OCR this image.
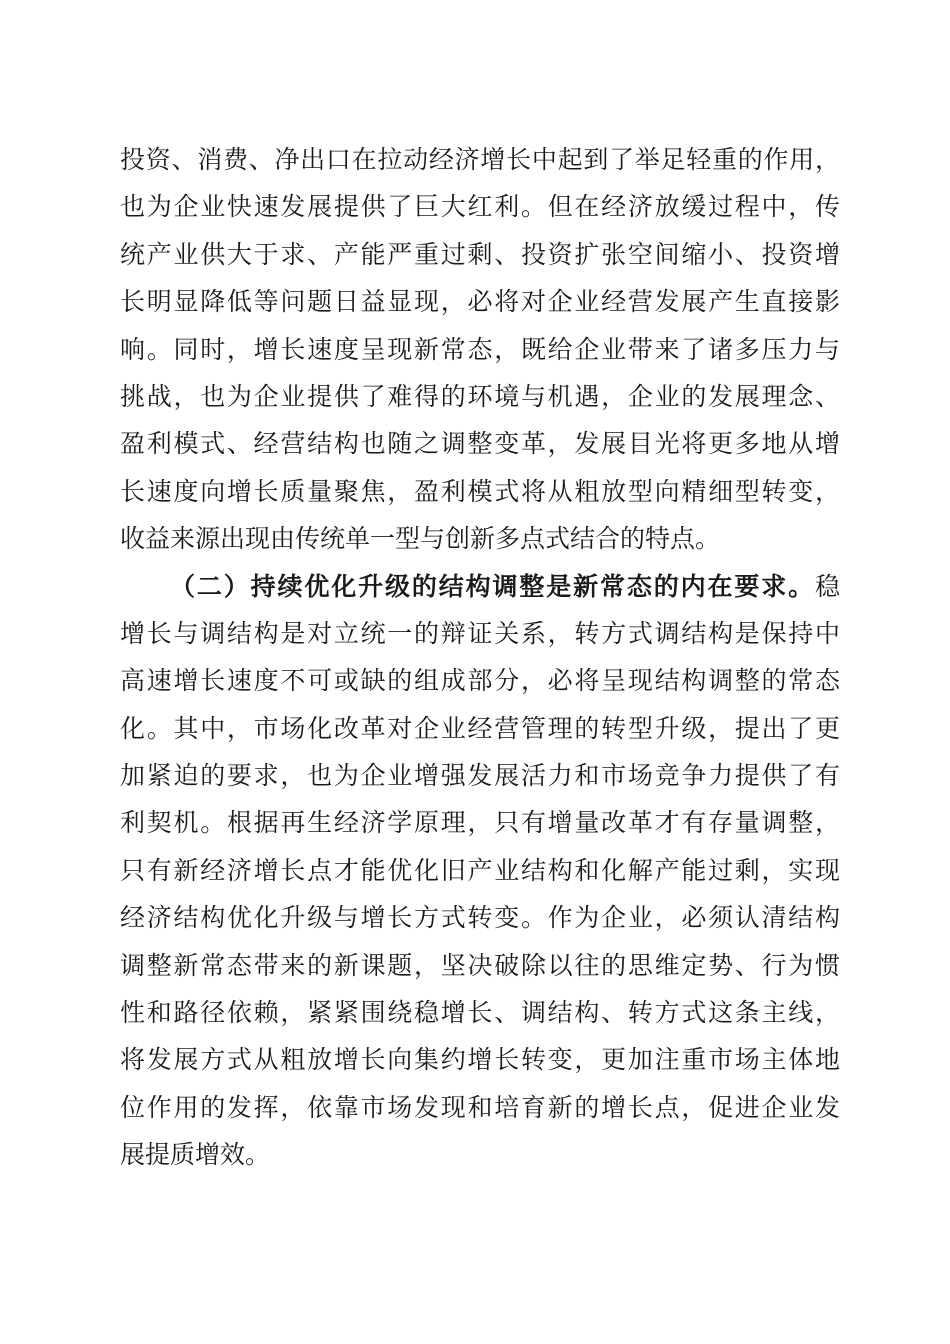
投资、消费、净出口在拉动经济增长中起到了举足轻重的作用，
也为企业快速发展提供了巨大红利。但在经济放缓过程中，传
统产业供大于求、产能严重过剩、投资扩张空间缩小、投资增
长明显降低等问题日益显现，必将对企业经营发展产生直接影
响。同时，增长速度呈现新常态，既给企业带来了诸多压力与
挑战，也为企业提供了难得的环境与机遇，企业的发展理念、
盈利模式、经营结构也随之调整变革，发展目光将更多地从增
长速度向增长质量聚焦，盈利模式将从粗放型向精细型转变，
收益来源出现由传统单一型与创新多点式结合的特点。
（二）持续优化升级的结构调整是新常态的内在要求。稳
增长与调结构是对立统一的辩证关系，转方式调结构是保持中
高速增长速度不可或缺的组成部分，必将呈现结构调整的常态
化。其中，市场化改革对企业经营管理的转型升级，提出了更
加紧迫的要求，也为企业增强发展活力和市场竞争力提供了有
利契机。根据再生经济学原理，只有增量改革才有存量调整，
只有新经济增长点才能优化旧产业结构和化解产能过剩，实现
经济结构优化升级与增长方式转变。作为企业，必须认清结构
调整新常态带来的新课题，坚决破除以往的思维定势、行为惯
性和路径依赖，紧紧围绕稳增长、调结构、转方式这条主线，
将发展方式从粗放增长向集约增长转变，更加注重市场主体地
位作用的发挥，依靠市场发现和培育新的增长点，促进企业发
展提质增效。
